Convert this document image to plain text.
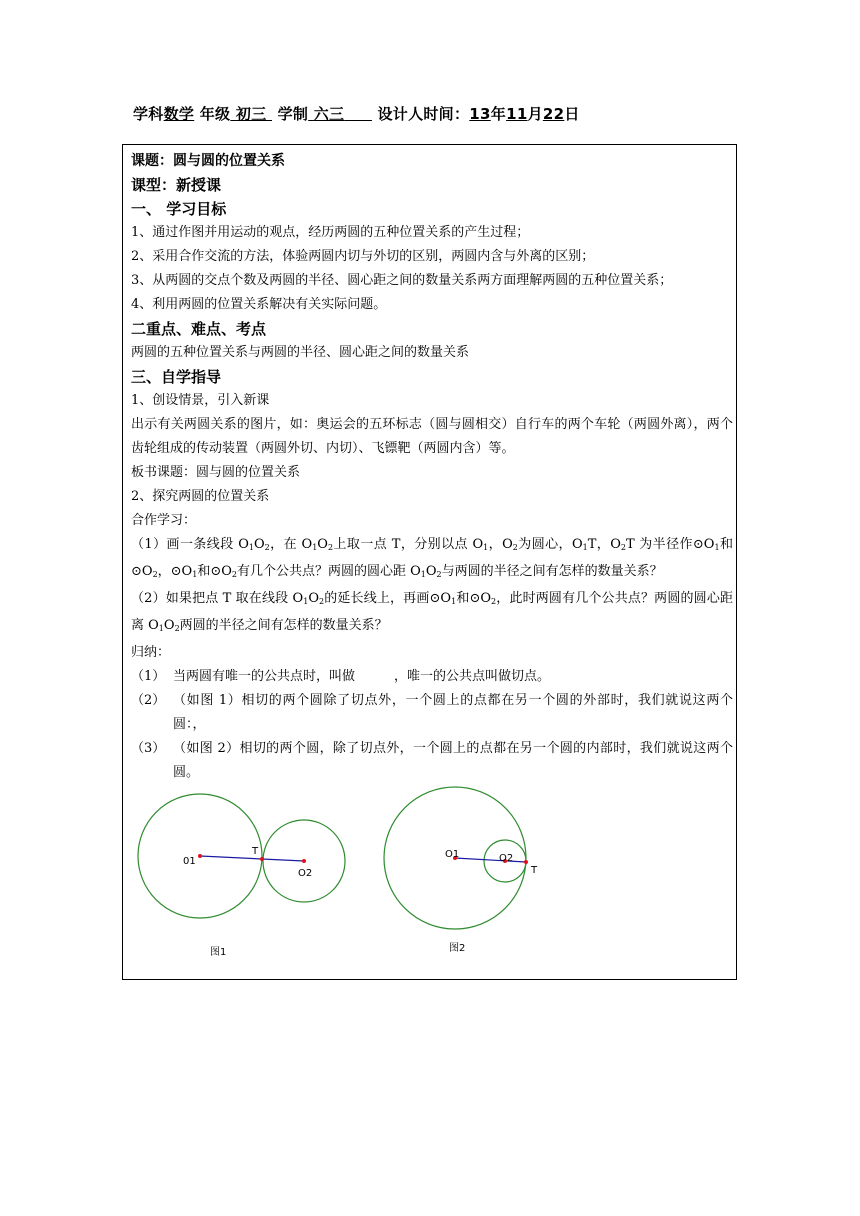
学科数学 年级 初三 学制 六三 设计人时间：13年11月22日

课题：圆与圆的位置关系

课型：新授课

一、 学习目标

1、通过作图并用运动的观点，经历两圆的五种位置关系的产生过程；

2、采用合作交流的方法，体验两圆内切与外切的区别，两圆内含与外离的区别；

3、从两圆的交点个数及两圆的半径、圆心距之间的数量关系两方面理解两圆的五种位置关系；

4、利用两圆的位置关系解决有关实际问题。

二重点、难点、考点

两圆的五种位置关系与两圆的半径、圆心距之间的数量关系

三、自学指导

1、创设情景，引入新课

出示有关两圆关系的图片，如：奥运会的五环标志（圆与圆相交）自行车的两个车轮（两圆外离），两个齿轮组成的传动装置（两圆外切、内切）、飞镖靶（两圆内含）等。

板书课题：圆与圆的位置关系

2、探究两圆的位置关系

合作学习：

（1）画一条线段 $O_1O_2$，在 $O_1O_2$上取一点 T，分别以点 $O_1$，$O_2$为圆心，$O_1T$，$O_2T$ 为半径作$⊙O_1$和$⊙O_2$，$⊙O_1$和$⊙O_2$有几个公共点？两圆的圆心距 $O_1O_2$与两圆的半径之间有怎样的数量关系？

（2）如果把点 T 取在线段 $O_1O_2$的延长线上，再画$⊙O_1$和$⊙O_2$，此时两圆有几个公共点？两圆的圆心距离 $O_1O_2$两圆的半径之间有怎样的数量关系？

归纳：

（1） 当两圆有唯一的公共点时，叫做　　　，唯一的公共点叫做切点。
（2） （如图 1）相切的两个圆除了切点外，一个圆上的点都在另一个圆的外部时，我们就说这两个圆：，
（3） （如图 2）相切的两个圆，除了切点外，一个圆上的点都在另一个圆的内部时，我们就说这两个圆。
01
T
O2
图1
O1	O2
T
图2
